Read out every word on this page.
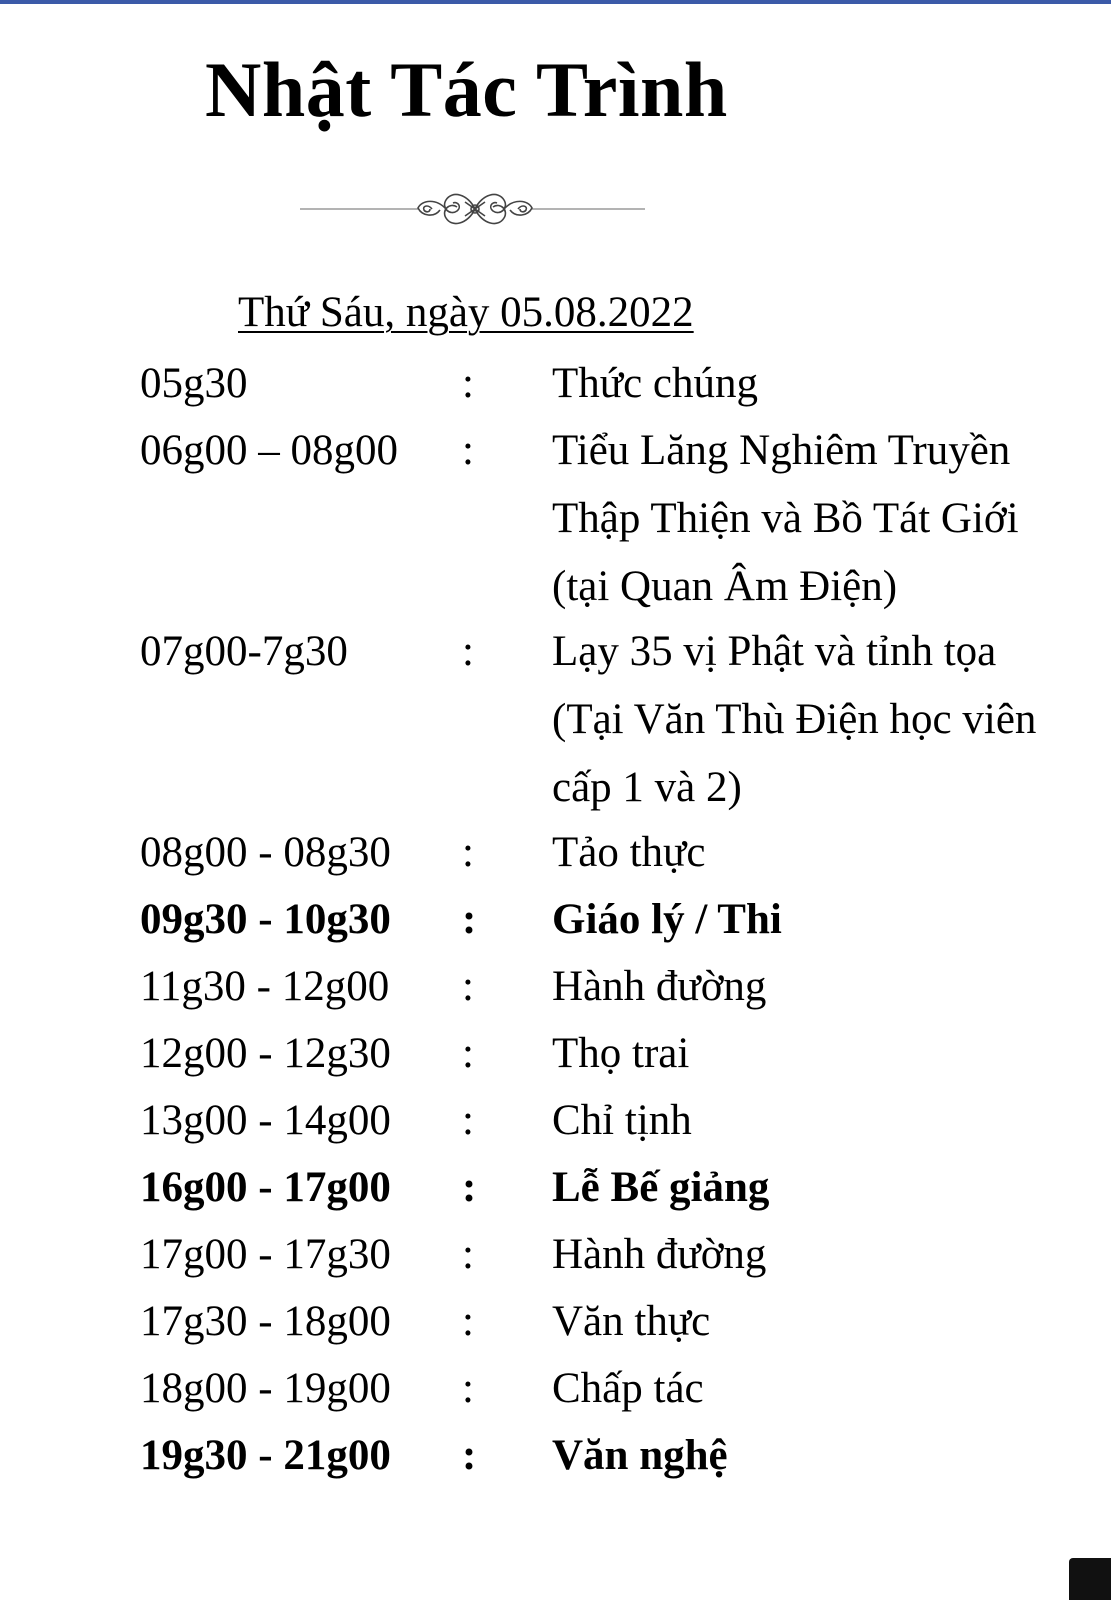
Nhật Tác Trình
Thứ Sáu, ngày 05.08.2022
05g30	: Thức chúng
06g00 – 08g00 : Tiểu Lăng Nghiêm Truyền
Thập Thiện và Bồ Tát Giới
(tại Quan Âm Điện)
07g00-7g30	: Lạy 35 vị Phật và tỉnh tọa
(Tại Văn Thù Điện học viên
cấp 1 và 2)
08g00 - 08g30 : Tảo thực
09g30 - 10g30 : Giáo lý / Thi
11g30 - 12g00 : Hành đường
12g00 - 12g30 : Thọ trai
13g00 - 14g00 : Chỉ tịnh
16g00 - 17g00 : Lễ Bế giảng
17g00 - 17g30 : Hành đường
17g30 - 18g00 : Văn thực
18g00 - 19g00 : Chấp tác
19g30 - 21g00 : Văn nghệ
